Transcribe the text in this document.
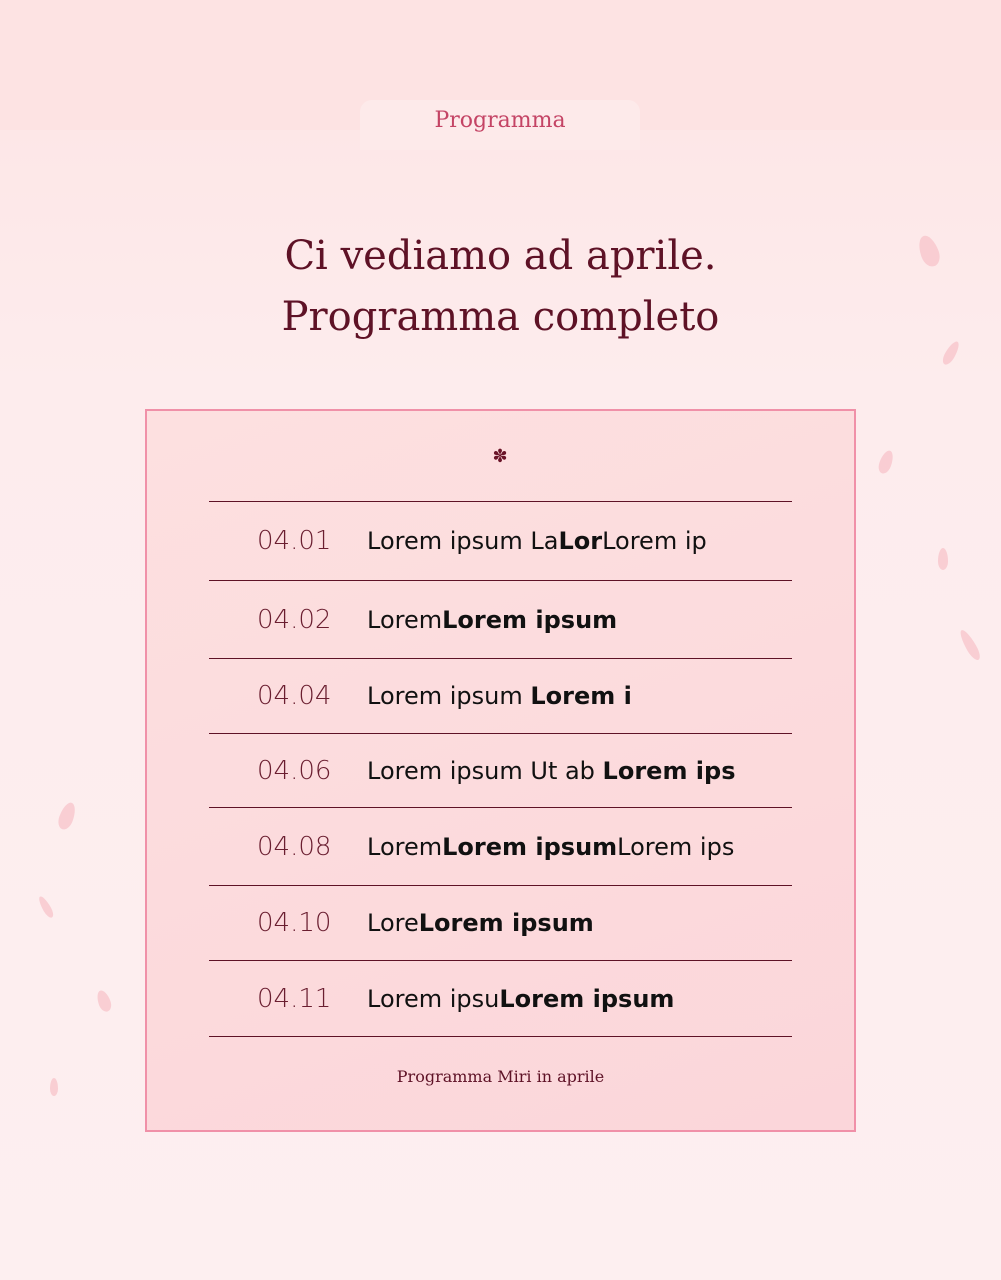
Programma
Ci vediamo ad aprile.
Programma completo
✽
04.01	Lorem ipsum LaLorLorem ip
04.02	LoremLorem ipsum
04.04	Lorem ipsum Lorem i
04.06	Lorem ipsum Ut ab Lorem ips
04.08	LoremLorem ipsumLorem ips
04.10	LoreLorem ipsum
04.11	Lorem ipsuLorem ipsum
Programma Miri in aprile
